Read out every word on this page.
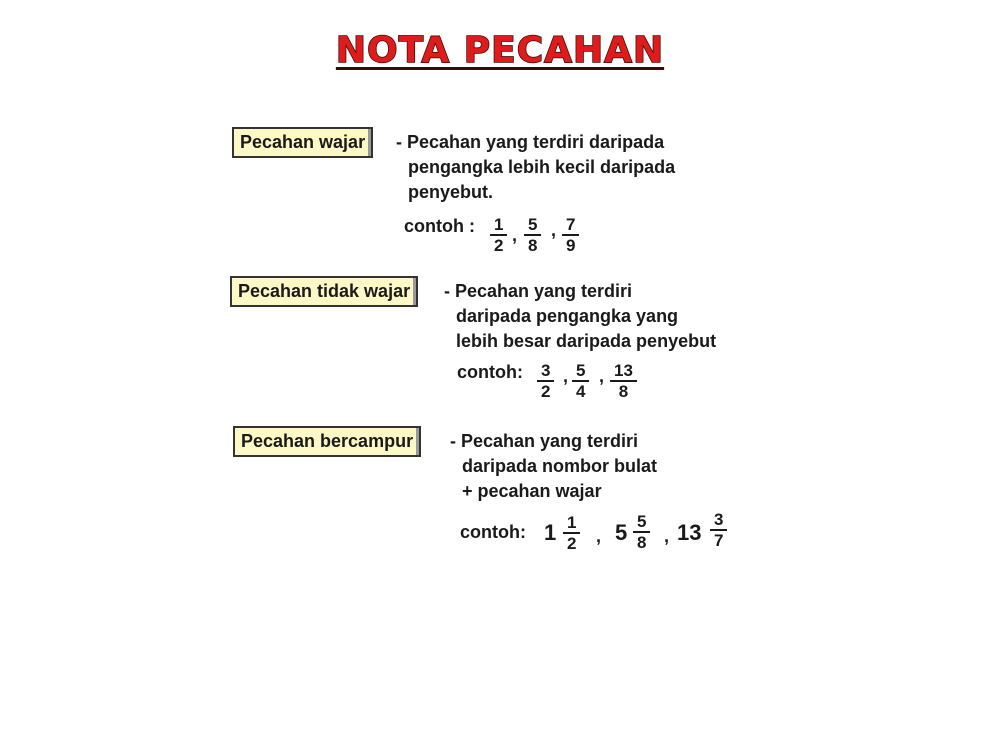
NOTA PECAHAN
Pecahan wajar	- Pecahan yang terdiri daripada
pengangka lebih kecil daripada
penyebut.
contoh : $\frac{1}{2}$ , $\frac{5}{8}$ , $\frac{7}{9}$
Pecahan tidak wajar	- Pecahan yang terdiri
daripada pengangka yang
lebih besar daripada penyebut
contoh: $\frac{3}{2}$ , $\frac{5}{4}$ , $\frac{13}{8}$
Pecahan bercampur	- Pecahan yang terdiri
daripada nombor bulat
+ pecahan wajar
contoh: $1 \frac{1}{2}$ , $5 \frac{5}{8}$ , $13 \frac{3}{7}$
